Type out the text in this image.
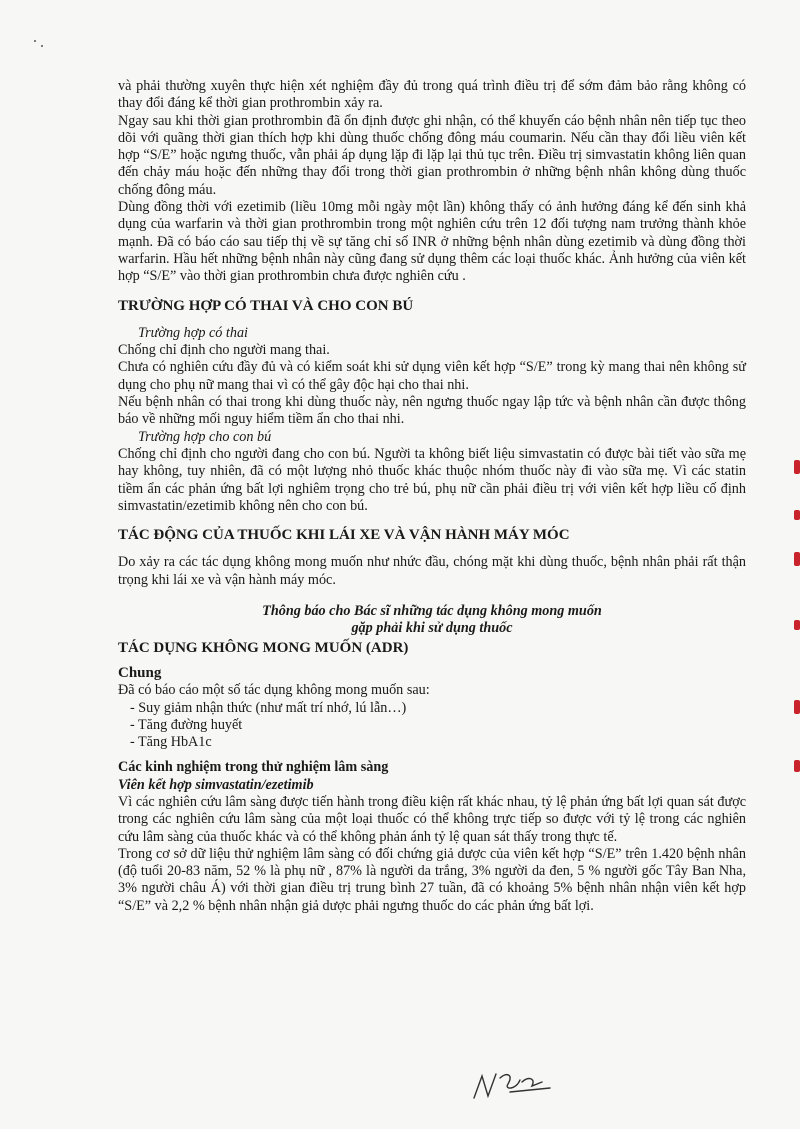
và phải thường xuyên thực hiện xét nghiệm đầy đủ trong quá trình điều trị để sớm đảm bảo rằng không có thay đổi đáng kể thời gian prothrombin xảy ra.

Ngay sau khi thời gian prothrombin đã ổn định được ghi nhận, có thể khuyến cáo bệnh nhân nên tiếp tục theo dõi với quãng thời gian thích hợp khi dùng thuốc chống đông máu coumarin. Nếu cần thay đổi liều viên kết hợp “S/E” hoặc ngưng thuốc, vẫn phải áp dụng lặp đi lặp lại thủ tục trên. Điều trị simvastatin không liên quan đến chảy máu hoặc đến những thay đổi trong thời gian prothrombin ở những bệnh nhân không dùng thuốc chống đông máu.

Dùng đồng thời với ezetimib (liều 10mg mỗi ngày một lần) không thấy có ảnh hưởng đáng kể đến sinh khả dụng của warfarin và thời gian prothrombin trong một nghiên cứu trên 12 đối tượng nam trưởng thành khỏe mạnh. Đã có báo cáo sau tiếp thị về sự tăng chỉ số INR ở những bệnh nhân dùng ezetimib và dùng đồng thời warfarin. Hầu hết những bệnh nhân này cũng đang sử dụng thêm các loại thuốc khác. Ảnh hưởng của viên kết hợp “S/E” vào thời gian prothrombin chưa được nghiên cứu .

TRƯỜNG HỢP CÓ THAI VÀ CHO CON BÚ

Trường hợp có thai

Chống chỉ định cho người mang thai.

Chưa có nghiên cứu đầy đủ và có kiểm soát khi sử dụng viên kết hợp “S/E” trong kỳ mang thai nên không sử dụng cho phụ nữ mang thai vì có thể gây độc hại cho thai nhi.

Nếu bệnh nhân có thai trong khi dùng thuốc này, nên ngưng thuốc ngay lập tức và bệnh nhân cần được thông báo về những mối nguy hiểm tiềm ẩn cho thai nhi.

Trường hợp cho con bú

Chống chỉ định cho người đang cho con bú. Người ta không biết liệu simvastatin có được bài tiết vào sữa mẹ hay không, tuy nhiên, đã có một lượng nhỏ thuốc khác thuộc nhóm thuốc này đi vào sữa mẹ. Vì các statin tiềm ẩn các phản ứng bất lợi nghiêm trọng cho trẻ bú, phụ nữ cần phải điều trị với viên kết hợp liều cố định simvastatin/ezetimib không nên cho con bú.

TÁC ĐỘNG CỦA THUỐC KHI LÁI XE VÀ VẬN HÀNH MÁY MÓC

Do xảy ra các tác dụng không mong muốn như nhức đầu, chóng mặt khi dùng thuốc, bệnh nhân phải rất thận trọng khi lái xe và vận hành máy móc.

Thông báo cho Bác sĩ những tác dụng không mong muốn
gặp phải khi sử dụng thuốc
TÁC DỤNG KHÔNG MONG MUỐN (ADR)
Chung

Đã có báo cáo một số tác dụng không mong muốn sau:

- Suy giảm nhận thức (như mất trí nhớ, lú lẫn…)
- Tăng đường huyết
- Tăng HbA1c
Các kinh nghiệm trong thử nghiệm lâm sàng
Viên kết hợp simvastatin/ezetimib

Vì các nghiên cứu lâm sàng được tiến hành trong điều kiện rất khác nhau, tỷ lệ phản ứng bất lợi quan sát được trong các nghiên cứu lâm sàng của một loại thuốc có thể không trực tiếp so được với tỷ lệ trong các nghiên cứu lâm sàng của thuốc khác và có thể không phản ánh tỷ lệ quan sát thấy trong thực tế.

Trong cơ sở dữ liệu thử nghiệm lâm sàng có đối chứng giả dược của viên kết hợp “S/E” trên 1.420 bệnh nhân (độ tuổi 20-83 năm, 52 % là phụ nữ , 87% là người da trắng, 3% người da đen, 5 % người gốc Tây Ban Nha, 3% người châu Á) với thời gian điều trị trung bình 27 tuần, đã có khoảng 5% bệnh nhân nhận viên kết hợp “S/E” và 2,2 % bệnh nhân nhận giả dược phải ngưng thuốc do các phản ứng bất lợi.
